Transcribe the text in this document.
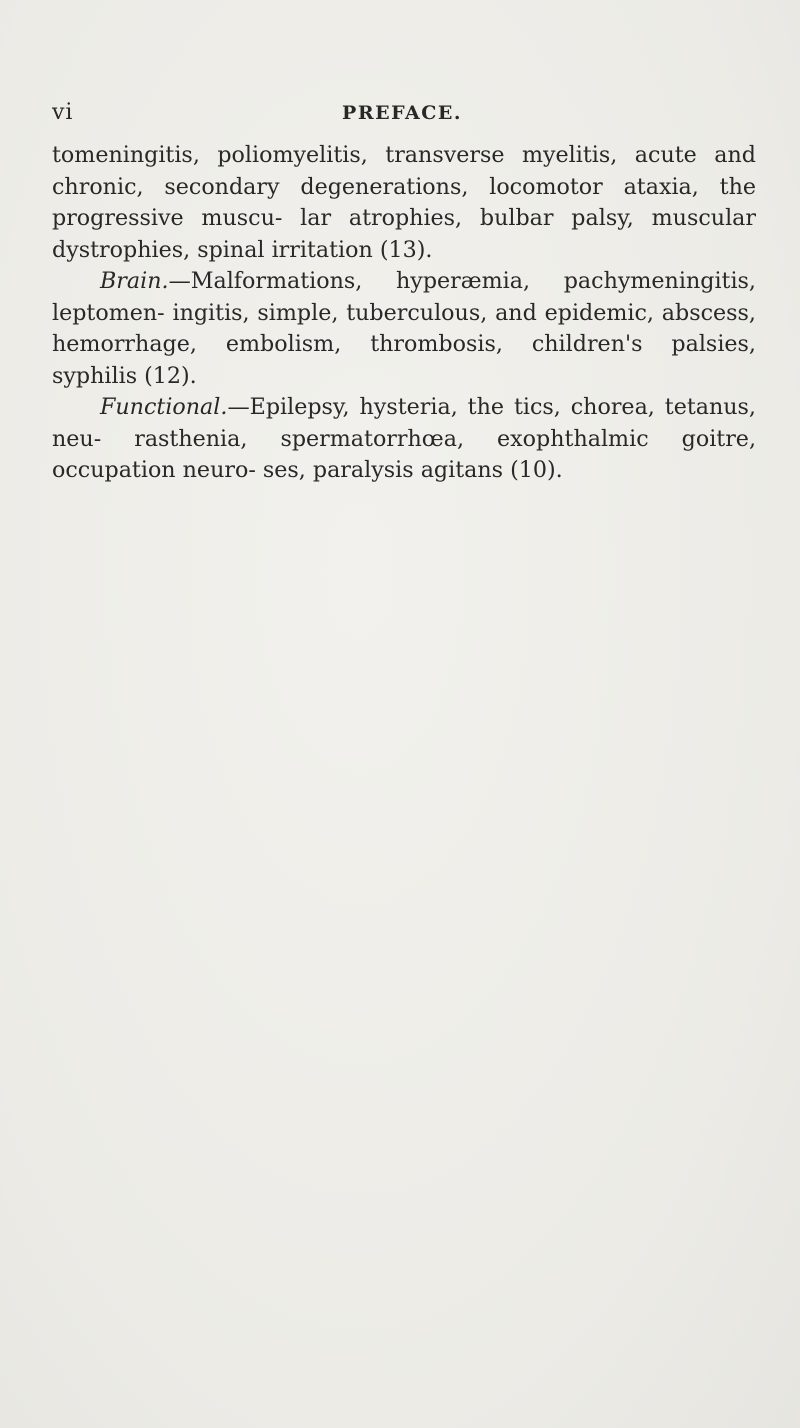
vi	PREFACE.

tomeningitis, poliomyelitis, transverse myelitis, acute and chronic, secondary degenerations, locomotor ataxia, the progressive muscu- lar atrophies, bulbar palsy, muscular dystrophies, spinal irritation (13).

Brain.—Malformations, hyperæmia, pachymeningitis, leptomen- ingitis, simple, tuberculous, and epidemic, abscess, hemorrhage, embolism, thrombosis, children's palsies, syphilis (12).

Functional.—Epilepsy, hysteria, the tics, chorea, tetanus, neu- rasthenia, spermatorrhœa, exophthalmic goitre, occupation neuro- ses, paralysis agitans (10).
